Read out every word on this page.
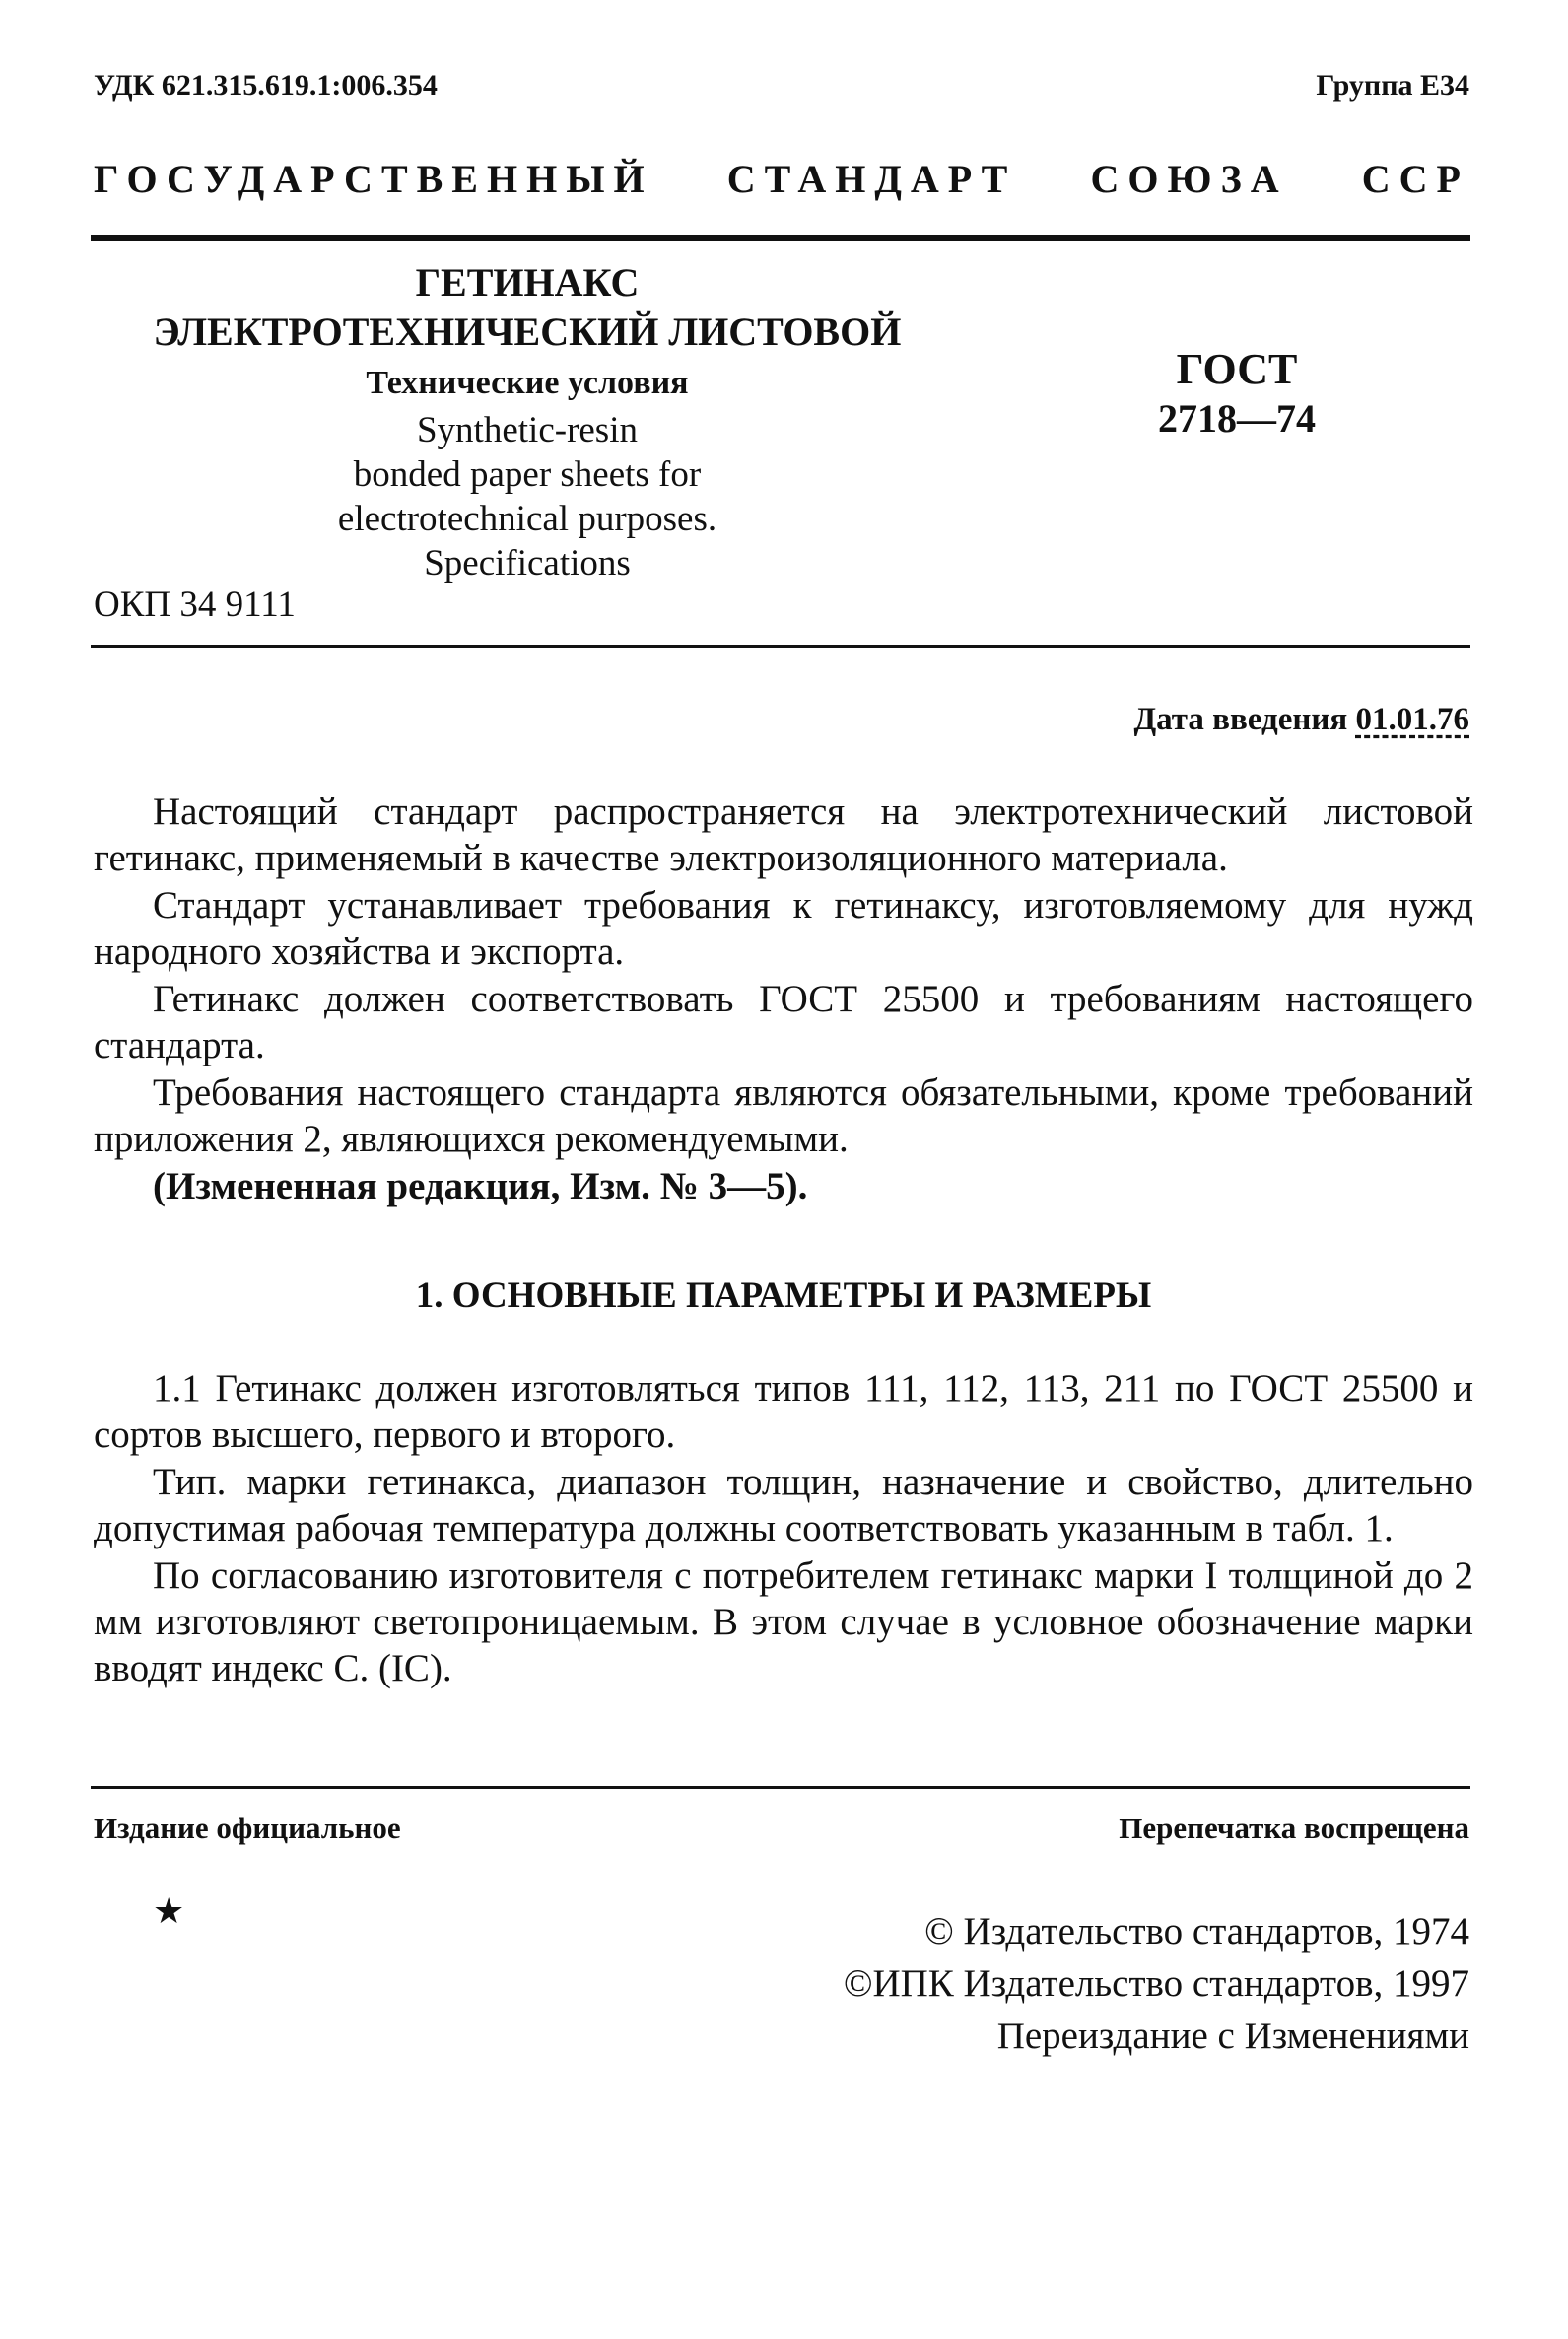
УДК 621.315.619.1:006.354	Группа Е34
ГОСУДАРСТВЕННЫЙ СТАНДАРТ СОЮЗА ССР
ГЕТИНАКС
ЭЛЕКТРОТЕХНИЧЕСКИЙ ЛИСТОВОЙ
Технические условия
Synthetic-resin
bonded paper sheets for
electrotechnical purposes.
Specifications
ГОСТ
2718—74
ОКП 34 9111
Дата введения 01.01.76

Настоящий стандарт распространяется на электротехнический листовой гетинакс, применяемый в качестве электроизоляционного материала.

Стандарт устанавливает требования к гетинаксу, изготовляемому для нужд народного хозяйства и экспорта.

Гетинакс должен соответствовать ГОСТ 25500 и требованиям настоящего стандарта.

Требования настоящего стандарта являются обязательными, кроме требований приложения 2, являющихся рекомендуемыми.

(Измененная редакция, Изм. № 3—5).

1. ОСНОВНЫЕ ПАРАМЕТРЫ И РАЗМЕРЫ

1.1 Гетинакс должен изготовляться типов 111, 112, 113, 211 по ГОСТ 25500 и сортов высшего, первого и второго.

Тип. марки гетинакса, диапазон толщин, назначение и свойство, длительно допустимая рабочая температура должны соответствовать указанным в табл. 1.

По согласованию изготовителя с потребителем гетинакс марки I толщиной до 2 мм изготовляют светопроницаемым. В этом случае в условное обозначение марки вводят индекс С. (IC).

Издание официальное	Перепечатка воспрещена
★	© Издательство стандартов, 1974
©ИПК Издательство стандартов, 1997
Переиздание с Изменениями
